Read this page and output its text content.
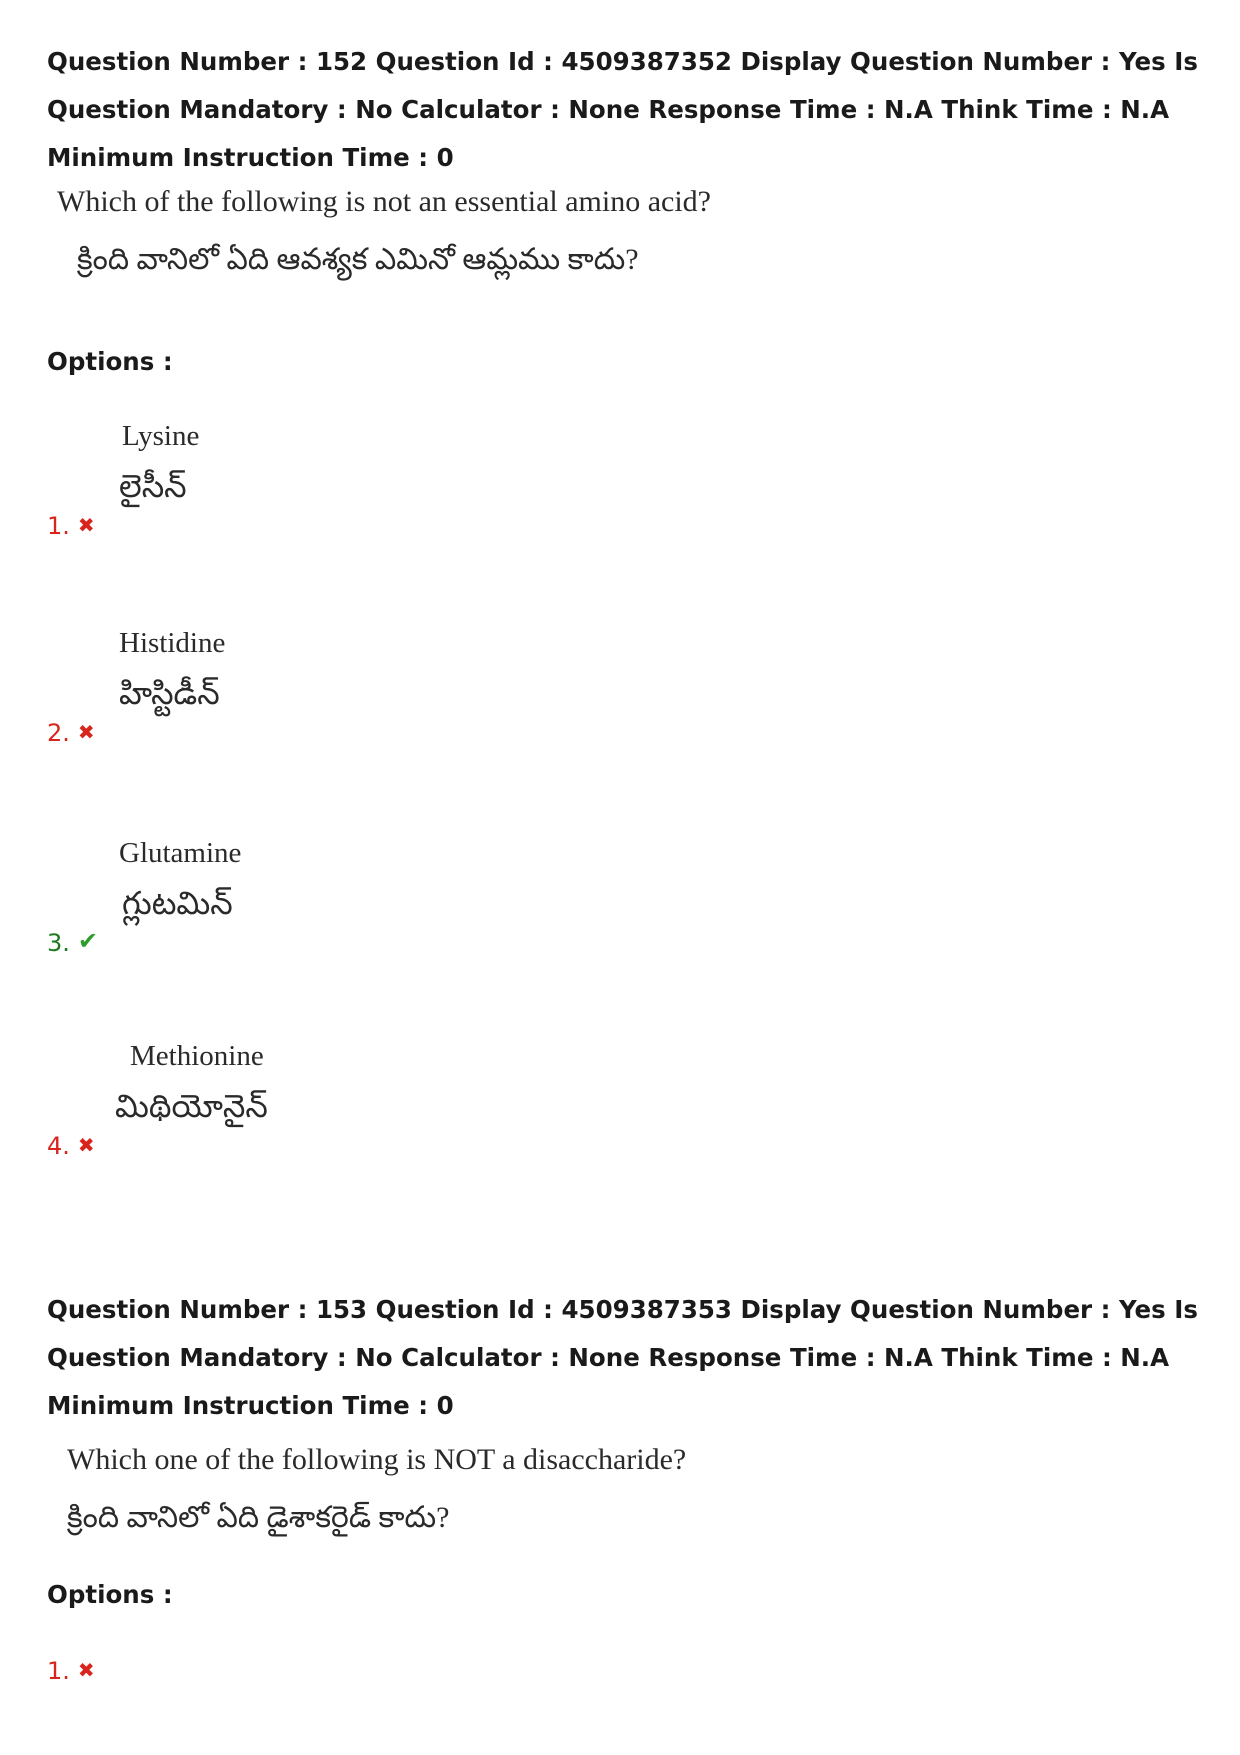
Question Number : 152 Question Id : 4509387352 Display Question Number : Yes Is Question Mandatory : No Calculator : None Response Time : N.A Think Time : N.A Minimum Instruction Time : 0
Which of the following is not an essential amino acid?
క్రింది వానిలో ఏది ఆవశ్యక ఎమినో ఆమ్లము కాదు?
Options :
Lysine
లైసీన్
1. ✖
Histidine
హిస్టిడీన్
2. ✖
Glutamine
గ్లుటమిన్
3. ✔
Methionine
మిథియోనైన్
4. ✖
Question Number : 153 Question Id : 4509387353 Display Question Number : Yes Is Question Mandatory : No Calculator : None Response Time : N.A Think Time : N.A Minimum Instruction Time : 0
Which one of the following is NOT a disaccharide?
క్రింది వానిలో ఏది డైశాకరైడ్ కాదు?
Options :
1. ✖
